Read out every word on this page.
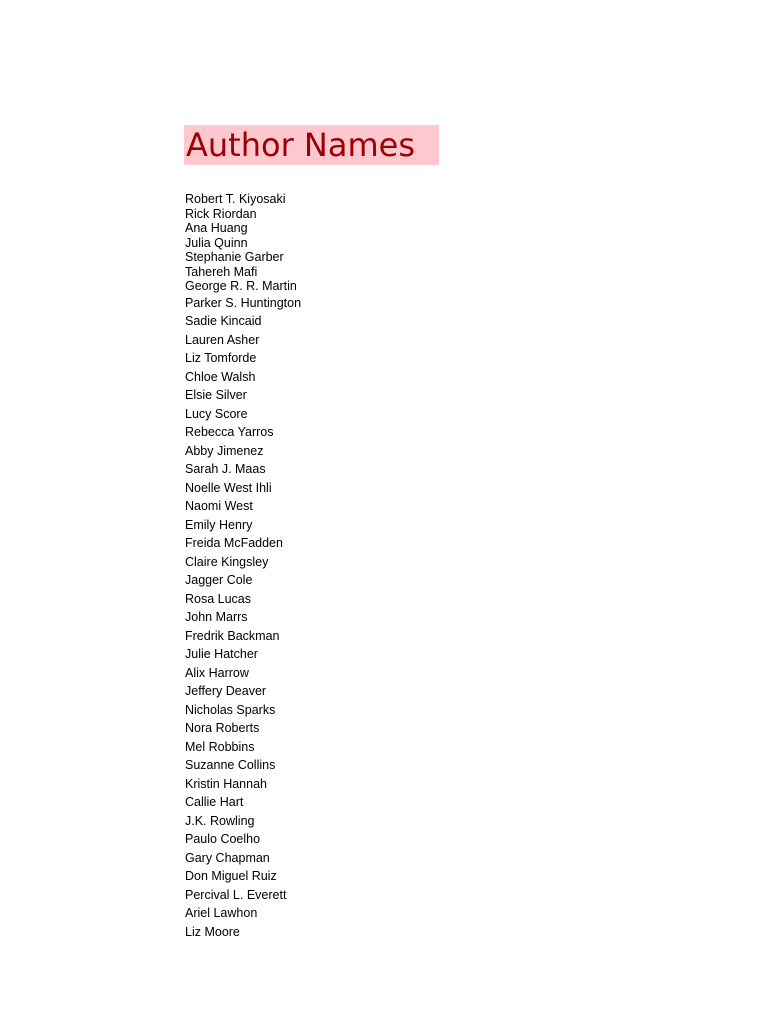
Author Names
Robert T. Kiyosaki
Rick Riordan
Ana Huang
Julia Quinn
Stephanie Garber
Tahereh Mafi
George R. R. Martin
Parker S. Huntington
Sadie Kincaid
Lauren Asher
Liz Tomforde
Chloe Walsh
Elsie Silver
Lucy Score
Rebecca Yarros
Abby Jimenez
Sarah J. Maas
Noelle West Ihli
Naomi West
Emily Henry
Freida McFadden
Claire Kingsley
Jagger Cole
Rosa Lucas
John Marrs
Fredrik Backman
Julie Hatcher
Alix Harrow
Jeffery Deaver
Nicholas Sparks
Nora Roberts
Mel Robbins
Suzanne Collins
Kristin Hannah
Callie Hart
J.K. Rowling
Paulo Coelho
Gary Chapman
Don Miguel Ruiz
Percival L. Everett
Ariel Lawhon
Liz Moore
